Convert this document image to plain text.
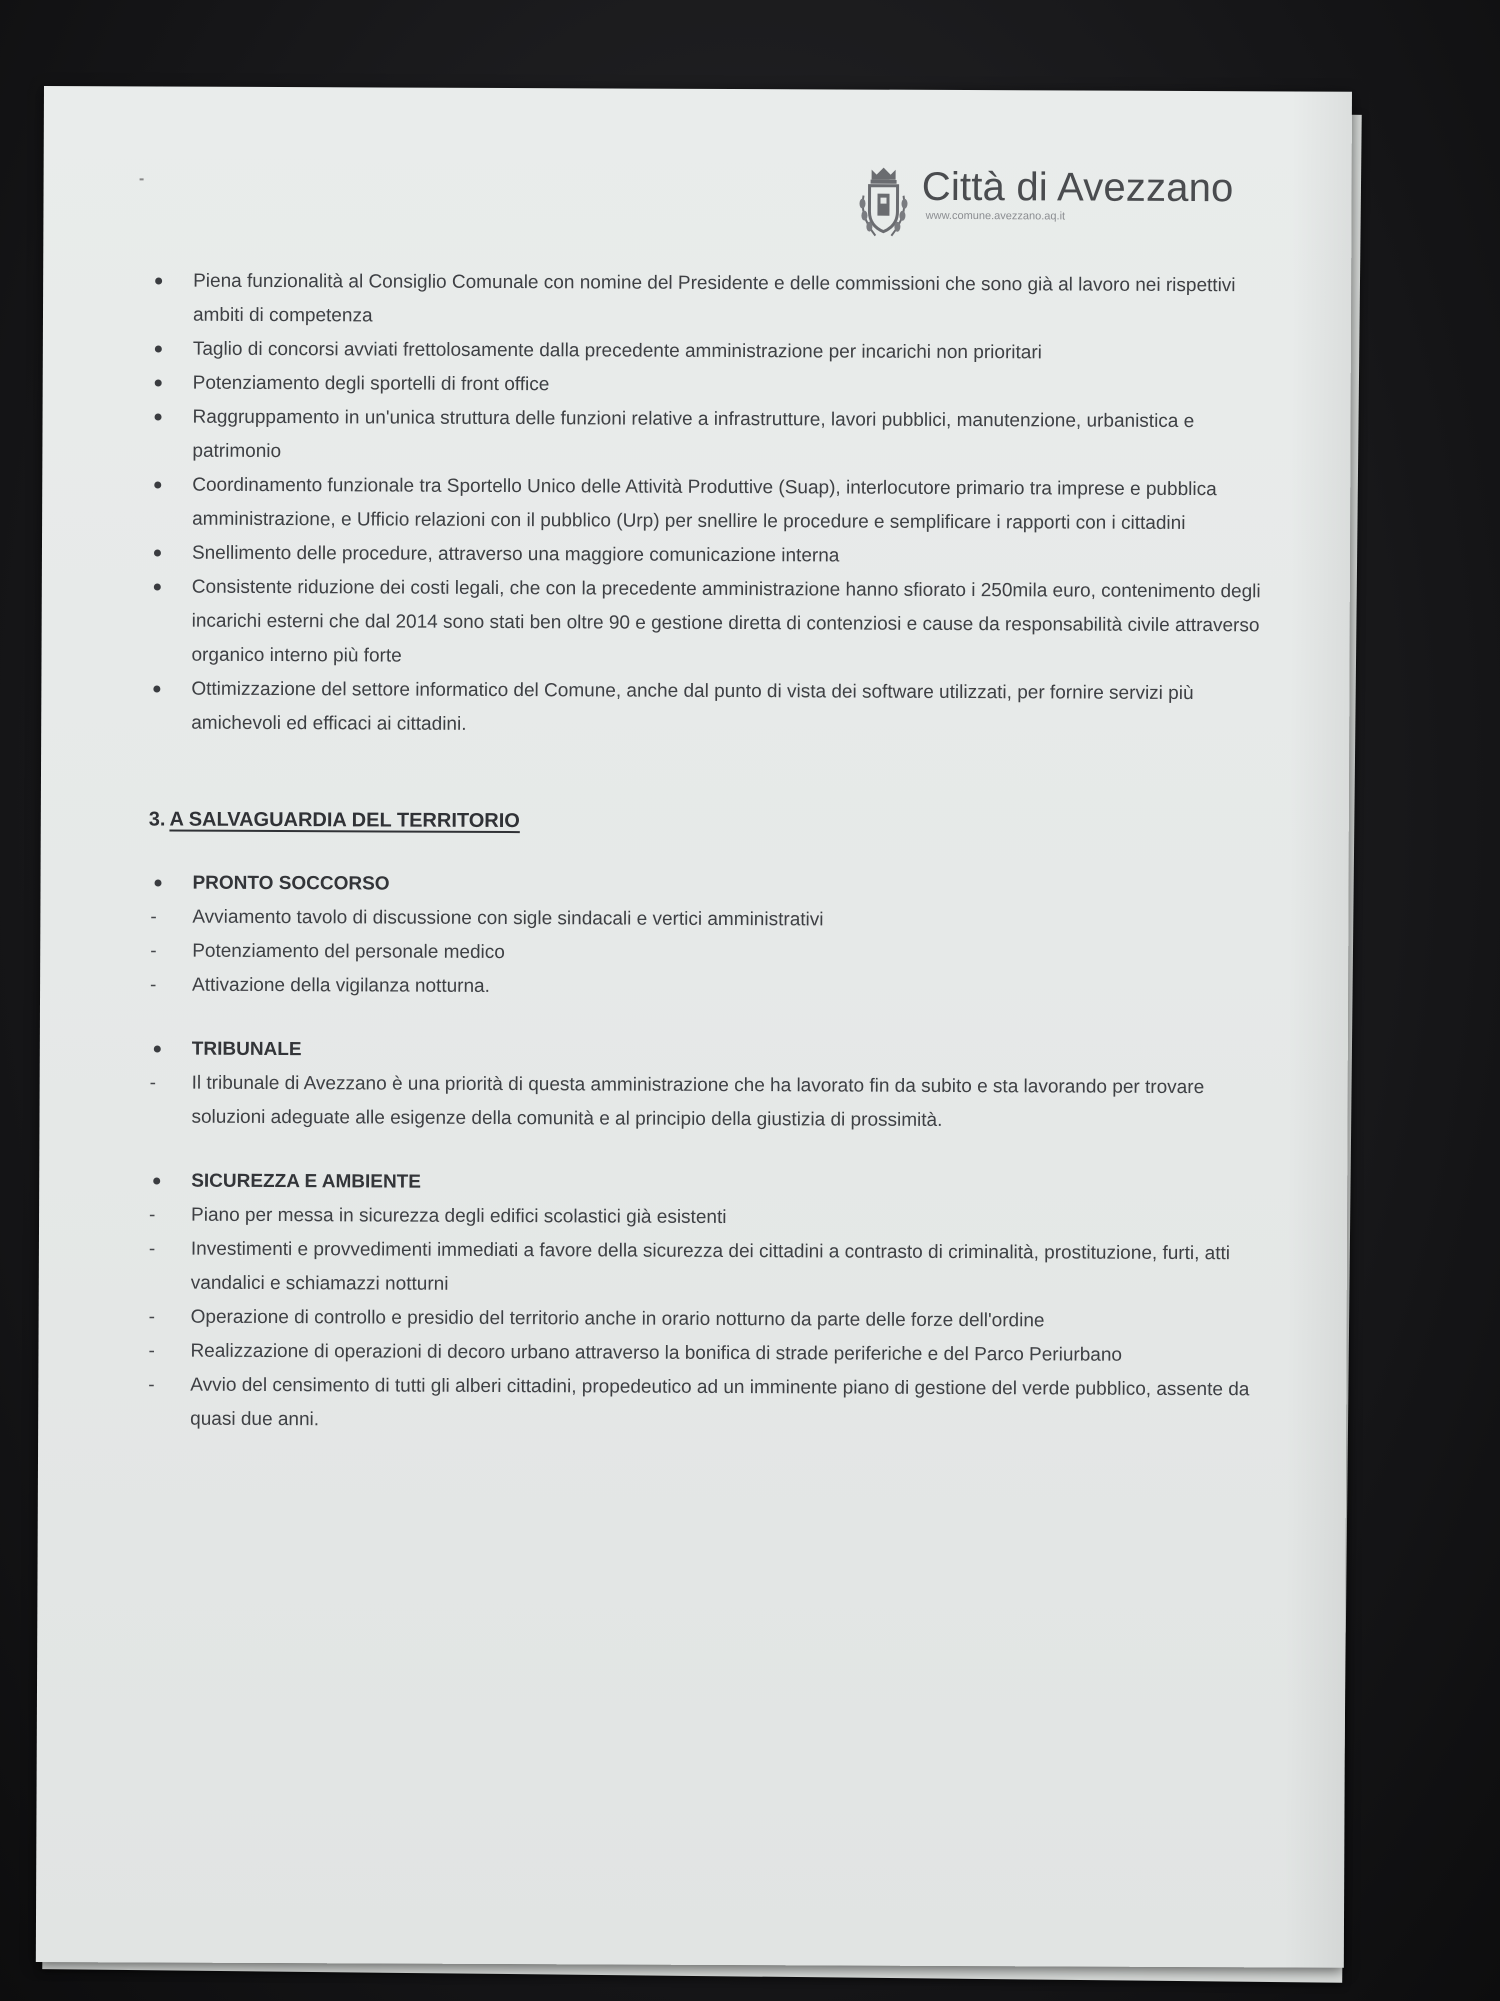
Città di Avezzano
www.comune.avezzano.aq.it
Piena funzionalità al Consiglio Comunale con nomine del Presidente e delle commissioni che sono già al lavoro nei rispettivi ambiti di competenza
Taglio di concorsi avviati frettolosamente dalla precedente amministrazione per incarichi non prioritari
Potenziamento degli sportelli di front office
Raggruppamento in un'unica struttura delle funzioni relative a infrastrutture, lavori pubblici, manutenzione, urbanistica e patrimonio
Coordinamento funzionale tra Sportello Unico delle Attività Produttive (Suap), interlocutore primario tra imprese e pubblica amministrazione, e Ufficio relazioni con il pubblico (Urp) per snellire le procedure e semplificare i rapporti con i cittadini
Snellimento delle procedure, attraverso una maggiore comunicazione interna
Consistente riduzione dei costi legali, che con la precedente amministrazione hanno sfiorato i 250mila euro, contenimento degli incarichi esterni che dal 2014 sono stati ben oltre 90 e gestione diretta di contenziosi e cause da responsabilità civile attraverso organico interno più forte
Ottimizzazione del settore informatico del Comune, anche dal punto di vista dei software utilizzati, per fornire servizi più amichevoli ed efficaci ai cittadini.
3. A SALVAGUARDIA DEL TERRITORIO
PRONTO SOCCORSO
- Avviamento tavolo di discussione con sigle sindacali e vertici amministrativi
- Potenziamento del personale medico
- Attivazione della vigilanza notturna.
TRIBUNALE
- Il tribunale di Avezzano è una priorità di questa amministrazione che ha lavorato fin da subito e sta lavorando per trovare soluzioni adeguate alle esigenze della comunità e al principio della giustizia di prossimità.
SICUREZZA E AMBIENTE
- Piano per messa in sicurezza degli edifici scolastici già esistenti
- Investimenti e provvedimenti immediati a favore della sicurezza dei cittadini a contrasto di criminalità, prostituzione, furti, atti vandalici e schiamazzi notturni
- Operazione di controllo e presidio del territorio anche in orario notturno da parte delle forze dell'ordine
- Realizzazione di operazioni di decoro urbano attraverso la bonifica di strade periferiche e del Parco Periurbano
- Avvio del censimento di tutti gli alberi cittadini, propedeutico ad un imminente piano di gestione del verde pubblico, assente da quasi due anni.
